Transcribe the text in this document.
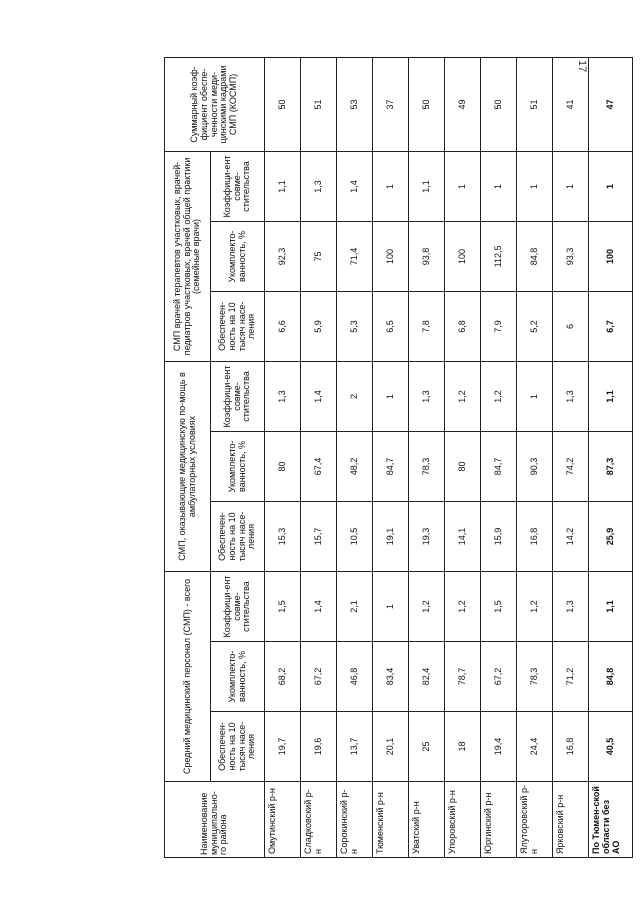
17
Наименование муниципально-го района	Средний медицинский персонал (СМП) - всего			СМП, оказывающие медицинскую по-мощь в амбулаторных условиях			СМП врачей терапевтов участковых, врачей-педиатров участковых, врачей общей практики (семейные врачи)			Суммарный коэф-фициент обеспе-ченности меди-цинскими кадрами СМП (КОСМП)
	Обеспечен-ность на 10 тысяч насе-ления	Укомплекто-ванность, %	Коэффици-ент совме-стительства	Обеспечен-ность на 10 тысяч насе-ления	Укомплекто-ванность, %	Коэффици-ент совме-стительства	Обеспечен-ность на 10 тысяч насе-ления	Укомплекто-ванность, %	Коэффици-ент совме-стительства	
Омутинский р-н	19,7	68,2	1,5	15,3	80	1,3	6,6	92,3	1,1	50
Сладковский р-н	19,6	67,2	1,4	15,7	67,4	1,4	5,9	75	1,3	51
Сорокинский р-н	13,7	46,8	2,1	10,5	48,2	2	5,3	71,4	1,4	53
Тюменский р-н	20,1	83,4	1	19,1	84,7	1	6,5	100	1	37
Уватский р-н	25	82,4	1,2	19,3	78,3	1,3	7,8	93,8	1,1	50
Упоровский р-н	18	78,7	1,2	14,1	80	1,2	6,8	100	1	49
Юргинский р-н	19,4	67,2	1,5	15,9	84,7	1,2	7,9	112,5	1	50
Ялуторовский р-н	24,4	78,3	1,2	16,8	90,3	1	5,2	84,8	1	51
Ярковский р-н	16,8	71,2	1,3	14,2	74,2	1,3	6	93,3	1	41
По Тюмен-ской области без АО	40,5	84,8	1,1	25,9	87,3	1,1	6,7	100	1	47
